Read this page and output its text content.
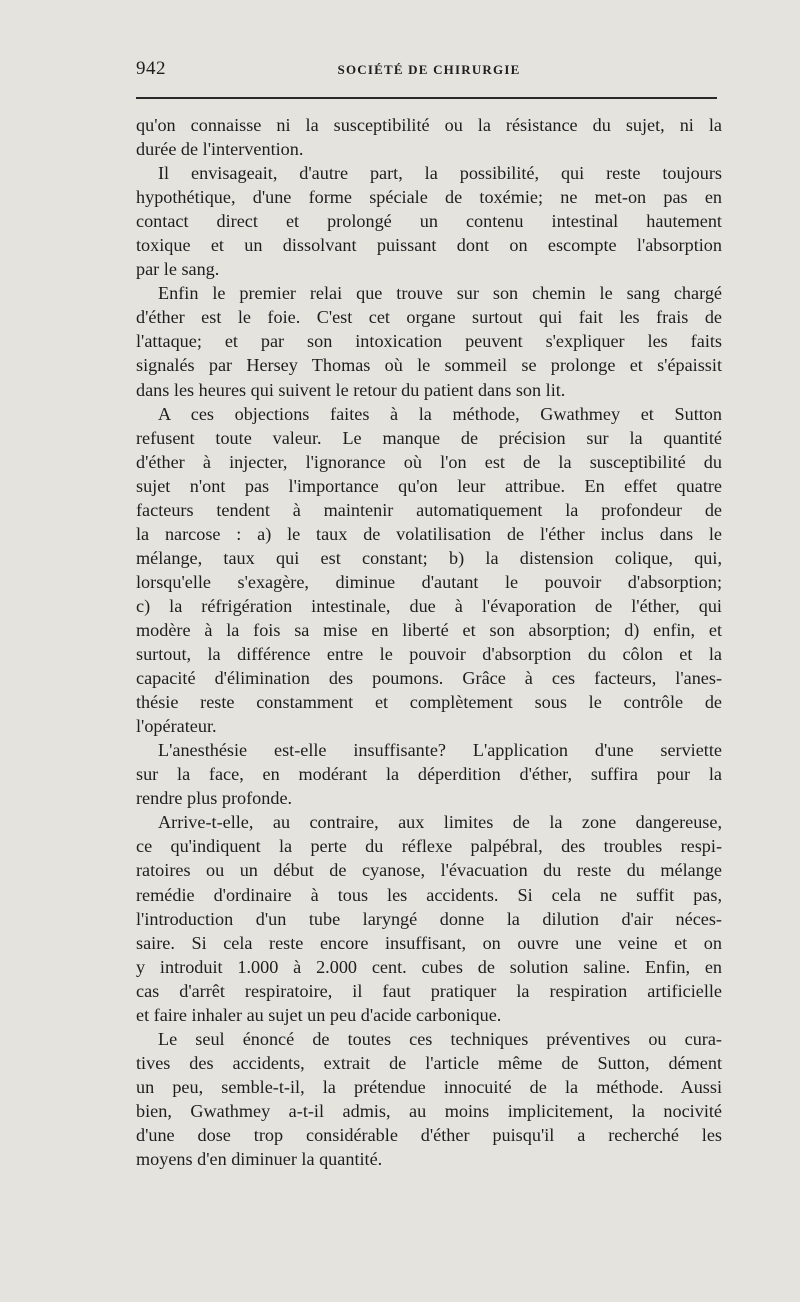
942	SOCIÉTÉ DE CHIRURGIE
qu'on connaisse ni la susceptibilité ou la résistance du sujet, ni la
durée de l'intervention.
Il envisageait, d'autre part, la possibilité, qui reste toujours
hypothétique, d'une forme spéciale de toxémie; ne met-on pas en
contact direct et prolongé un contenu intestinal hautement
toxique et un dissolvant puissant dont on escompte l'absorption
par le sang.
Enfin le premier relai que trouve sur son chemin le sang chargé
d'éther est le foie. C'est cet organe surtout qui fait les frais de
l'attaque; et par son intoxication peuvent s'expliquer les faits
signalés par Hersey Thomas où le sommeil se prolonge et s'épaissit
dans les heures qui suivent le retour du patient dans son lit.
A ces objections faites à la méthode, Gwathmey et Sutton
refusent toute valeur. Le manque de précision sur la quantité
d'éther à injecter, l'ignorance où l'on est de la susceptibilité du
sujet n'ont pas l'importance qu'on leur attribue. En effet quatre
facteurs tendent à maintenir automatiquement la profondeur de
la narcose : a) le taux de volatilisation de l'éther inclus dans le
mélange, taux qui est constant; b) la distension colique, qui,
lorsqu'elle s'exagère, diminue d'autant le pouvoir d'absorption;
c) la réfrigération intestinale, due à l'évaporation de l'éther, qui
modère à la fois sa mise en liberté et son absorption; d) enfin, et
surtout, la différence entre le pouvoir d'absorption du côlon et la
capacité d'élimination des poumons. Grâce à ces facteurs, l'anes-
thésie reste constamment et complètement sous le contrôle de
l'opérateur.
L'anesthésie est-elle insuffisante? L'application d'une serviette
sur la face, en modérant la déperdition d'éther, suffira pour la
rendre plus profonde.
Arrive-t-elle, au contraire, aux limites de la zone dangereuse,
ce qu'indiquent la perte du réflexe palpébral, des troubles respi-
ratoires ou un début de cyanose, l'évacuation du reste du mélange
remédie d'ordinaire à tous les accidents. Si cela ne suffit pas,
l'introduction d'un tube laryngé donne la dilution d'air néces-
saire. Si cela reste encore insuffisant, on ouvre une veine et on
y introduit 1.000 à 2.000 cent. cubes de solution saline. Enfin, en
cas d'arrêt respiratoire, il faut pratiquer la respiration artificielle
et faire inhaler au sujet un peu d'acide carbonique.
Le seul énoncé de toutes ces techniques préventives ou cura-
tives des accidents, extrait de l'article même de Sutton, dément
un peu, semble-t-il, la prétendue innocuité de la méthode. Aussi
bien, Gwathmey a-t-il admis, au moins implicitement, la nocivité
d'une dose trop considérable d'éther puisqu'il a recherché les
moyens d'en diminuer la quantité.
